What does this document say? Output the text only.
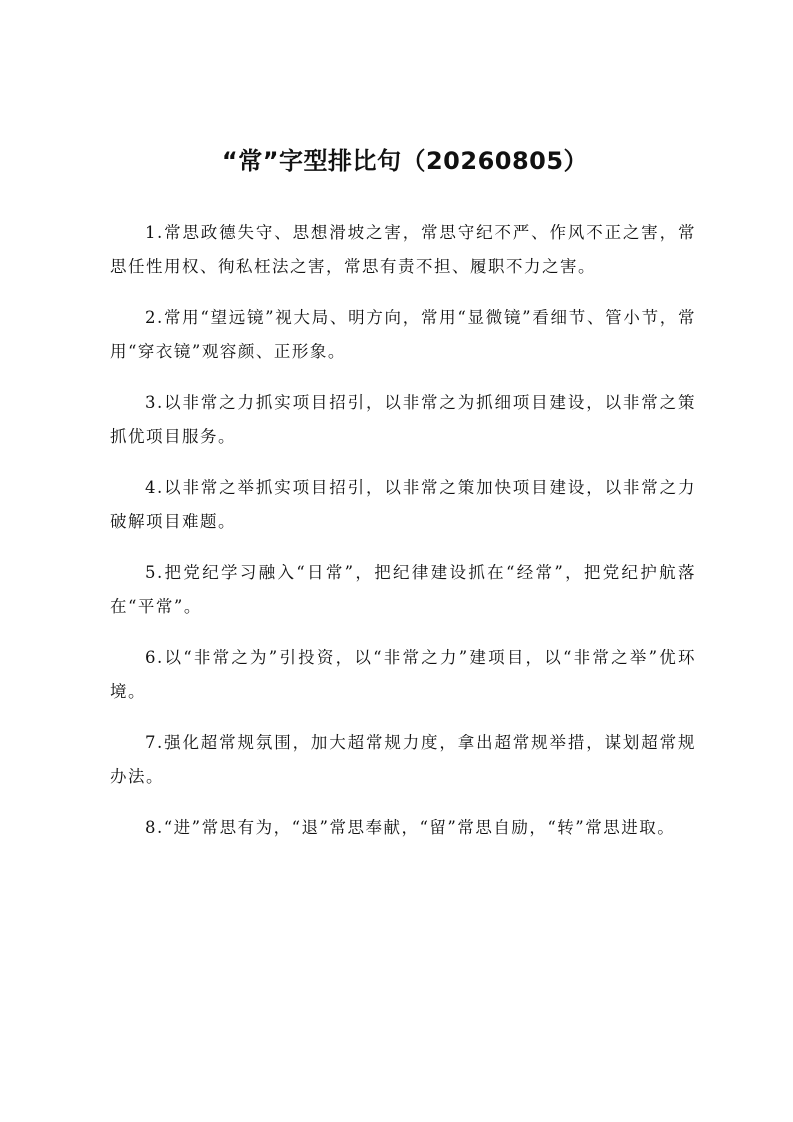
“常”字型排比句（20260805）

1.常思政德失守、思想滑坡之害，常思守纪不严、作风不正之害，常思任性用权、徇私枉法之害，常思有责不担、履职不力之害。

2.常用“望远镜”视大局、明方向，常用“显微镜”看细节、管小节，常用“穿衣镜”观容颜、正形象。

3.以非常之力抓实项目招引，以非常之为抓细项目建设，以非常之策抓优项目服务。

4.以非常之举抓实项目招引，以非常之策加快项目建设，以非常之力破解项目难题。

5.把党纪学习融入“日常”，把纪律建设抓在“经常”，把党纪护航落在“平常”。

6.以“非常之为”引投资，以“非常之力”建项目，以“非常之举”优环境。

7.强化超常规氛围，加大超常规力度，拿出超常规举措，谋划超常规办法。

8.“进”常思有为，“退”常思奉献，“留”常思自励，“转”常思进取。
